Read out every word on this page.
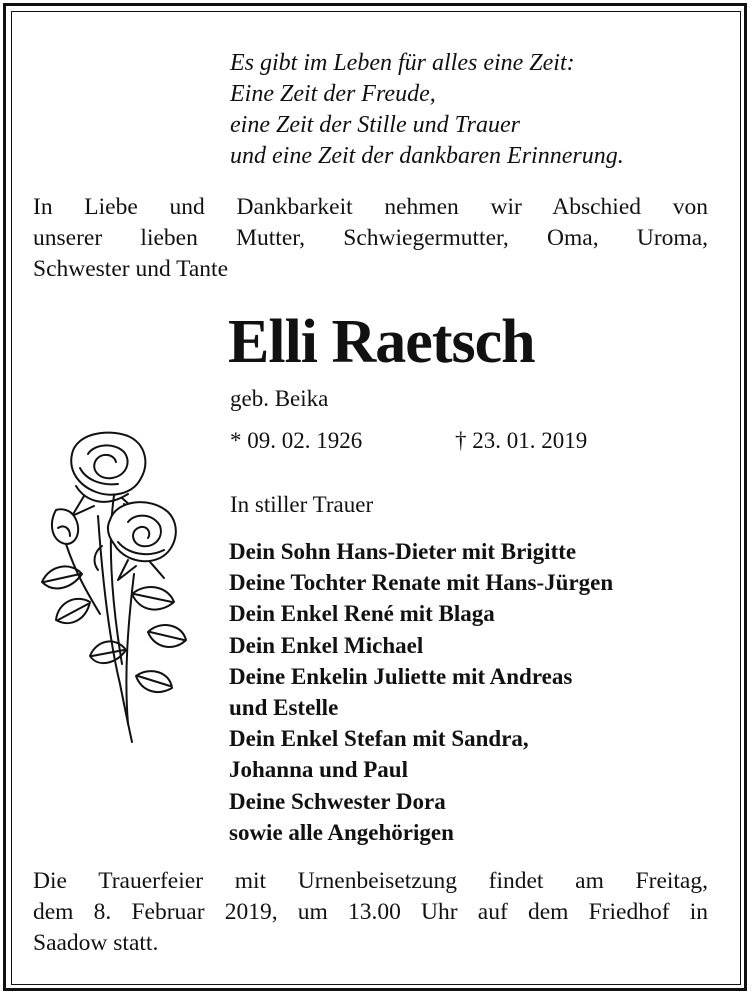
Es gibt im Leben für alles eine Zeit:
Eine Zeit der Freude,
eine Zeit der Stille und Trauer
und eine Zeit der dankbaren Erinnerung.
In Liebe und Dankbarkeit nehmen wir Abschied von
unserer lieben Mutter, Schwiegermutter, Oma, Uroma,
Schwester und Tante
Elli Raetsch
geb. Beika
* 09. 02. 1926	† 23. 01. 2019
In stiller Trauer
Dein Sohn Hans-Dieter mit Brigitte
Deine Tochter Renate mit Hans-Jürgen
Dein Enkel René mit Blaga
Dein Enkel Michael
Deine Enkelin Juliette mit Andreas
und Estelle
Dein Enkel Stefan mit Sandra,
Johanna und Paul
Deine Schwester Dora
sowie alle Angehörigen
Die Trauerfeier mit Urnenbeisetzung findet am Freitag,
dem 8. Februar 2019, um 13.00 Uhr auf dem Friedhof in
Saadow statt.
